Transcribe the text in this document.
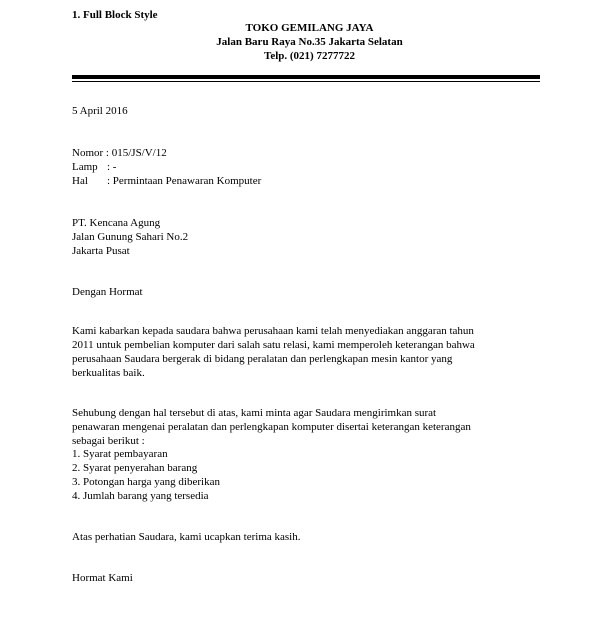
1. Full Block Style
TOKO GEMILANG JAYA
Jalan Baru Raya No.35 Jakarta Selatan
Telp. (021) 7277722
5 April 2016
Nomor : 015/JS/V/12
Lamp : -
Hal : Permintaan Penawaran Komputer
PT. Kencana Agung
Jalan Gunung Sahari No.2
Jakarta Pusat
Dengan Hormat
Kami kabarkan kepada saudara bahwa perusahaan kami telah menyediakan anggaran tahun
2011 untuk pembelian komputer dari salah satu relasi, kami memperoleh keterangan bahwa
perusahaan Saudara bergerak di bidang peralatan dan perlengkapan mesin kantor yang
berkualitas baik.
Sehubung dengan hal tersebut di atas, kami minta agar Saudara mengirimkan surat
penawaran mengenai peralatan dan perlengkapan komputer disertai keterangan keterangan
sebagai berikut :
1. Syarat pembayaran
2. Syarat penyerahan barang
3. Potongan harga yang diberikan
4. Jumlah barang yang tersedia
Atas perhatian Saudara, kami ucapkan terima kasih.
Hormat Kami
